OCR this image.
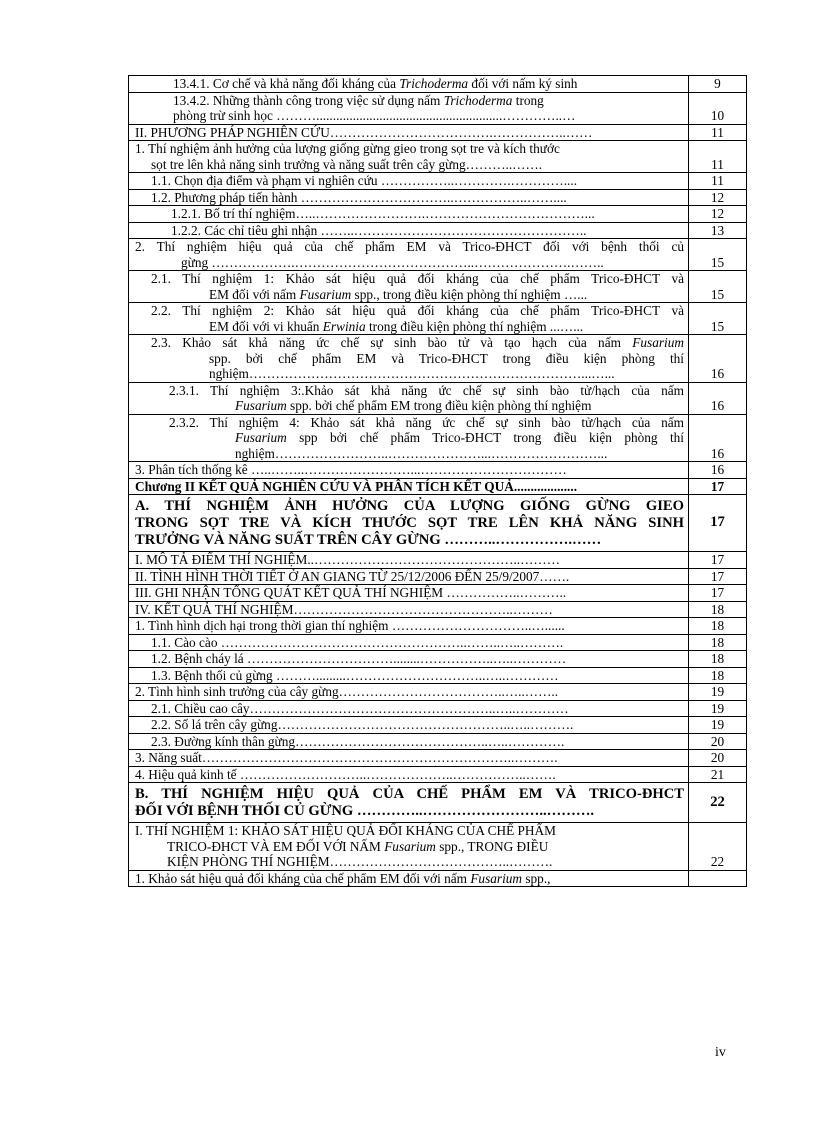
13.4.1. Cơ chế và khả năng đối kháng của Trichoderma đối với nấm ký sinh	9

13.4.2. Những thành công trong việc sử dụng nấm Trichoderma trong
phòng trừ sinh học ………........................................................…………..…	10

II. PHƯƠNG PHÁP NGHIÊN CỨU……………………………….……………..……	11

1. Thí nghiệm ảnh hưởng của lượng giống gừng gieo trong sọt tre và kích thước
sọt tre lên khả năng sinh trưởng và năng suất trên cây gừng………..…….	11

1.1. Chọn địa điểm và phạm vi nghiên cứu ……………..………….…………....	11

1.2. Phương pháp tiến hành ……………………………..……………..……....	12

1.2.1. Bố trí thí nghiệm…..…………………….………………………………...	12

1.2.2. Các chỉ tiêu ghi nhận ……..……………………………………………..	13

2. Thí nghiệm hiệu quả của chế phẩm EM và Trico-ĐHCT đối với bệnh thối củ
gừng ……………….…………………………………..………………….……..	15

2.1. Thí nghiệm 1: Khảo sát hiệu quả đối kháng của chế phẩm Trico-ĐHCT và
EM đối với nấm Fusarium spp., trong điều kiện phòng thí nghiệm …...	15

2.2. Thí nghiệm 2: Khảo sát hiệu quả đối kháng của chế phẩm Trico-ĐHCT và
EM đối với vi khuẩn Erwinia trong điều kiện phòng thí nghiệm ...…...	15

2.3. Khảo sát khả năng ức chế sự sinh bào tử và tạo hạch của nấm Fusarium
spp. bởi chế phẩm EM và Trico-ĐHCT trong điều kiện phòng thí
nghiệm…………………………………………………………………...…...	16

2.3.1. Thí nghiệm 3:.Khảo sát khả năng ức chế sự sinh bào tử/hạch của nấm
Fusarium spp. bởi chế phẩm EM trong điều kiện phòng thí nghiệm	16

2.3.2. Thí nghiệm 4: Khảo sát khả năng ức chế sự sinh bào tử/hạch của nấm
Fusarium spp bởi chế phẩm Trico-ĐHCT trong điều kiện phòng thí
nghiệm……………………..…………………...……………………...	16

3. Phân tích thống kê …..……..……………………...……………………………	16

Chương II KẾT QUẢ NGHIÊN CỨU VÀ PHÂN TÍCH KẾT QUẢ...................	17

A. THÍ NGHIỆM ẢNH HƯỞNG CỦA LƯỢNG GIỐNG GỪNG GIEO
TRONG SỌT TRE VÀ KÍCH THƯỚC SỌT TRE LÊN KHẢ NĂNG SINH
TRƯỞNG VÀ NĂNG SUẤT TRÊN CÂY GỪNG ………..…………….……	17

I. MÔ TẢ ĐIỂM THÍ NGHIỆM..………………………………………..………	17

II. TÌNH HÌNH THỜI TIẾT Ở AN GIANG TỪ 25/12/2006 ĐẾN 25/9/2007…….	17

III. GHI NHẬN TỔNG QUÁT KẾT QUẢ THÍ NGHIỆM ……………..………..	17

IV. KẾT QUẢ THÍ NGHIỆM…………………………………………..………	18

1. Tình hình dịch hại trong thời gian thí nghiệm …………………………..…......	18

1.1. Cào cào ………………………………………………..……..…..……….	18

1.2. Bệnh cháy lá ……………………………........……………..…..…………	18

1.3. Bệnh thối củ gừng ……….........…………………………..…..…………	18

2. Tình hình sinh trưởng của cây gừng………………………………..…..……..	19

2.1. Chiều cao cây………………………………………………..…..…………	19

2.2. Số lá trên cây gừng……………………………………………..…..……….	19

2.3. Đường kính thân gừng……………………………………..…..………….	20

3. Năng suất……………………………………………………………..……….	20

4. Hiệu quả kinh tế ………………………..………………..……………..…….	21

B. THÍ NGHIỆM HIỆU QUẢ CỦA CHẾ PHẨM EM VÀ TRICO-ĐHCT
ĐỐI VỚI BỆNH THỐI CỦ GỪNG …………..……………………..……….	22

I. THÍ NGHIỆM 1: KHẢO SÁT HIỆU QUẢ ĐỐI KHÁNG CỦA CHẾ PHẨM
TRICO-ĐHCT VÀ EM ĐỐI VỚI NẤM Fusarium spp., TRONG ĐIỀU
KIỆN PHÒNG THÍ NGHIỆM…………………………………..……….	22

1. Khảo sát hiệu quả đối kháng của chế phẩm EM đối với nấm Fusarium spp.,	

iv
